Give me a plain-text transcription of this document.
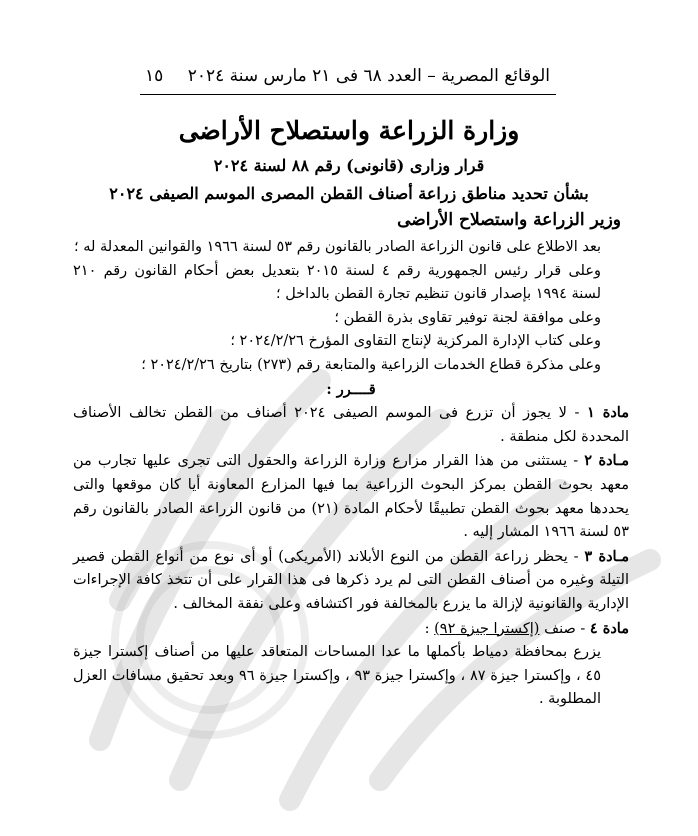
١٥ الوقائع المصرية – العدد ٦٨ فى ٢١ مارس سنة ٢٠٢٤
وزارة الزراعة واستصلاح الأراضى
قرار وزارى (قانونى) رقم ٨٨ لسنة ٢٠٢٤
بشأن تحديد مناطق زراعة أصناف القطن المصرى الموسم الصيفى ٢٠٢٤
وزير الزراعة واستصلاح الأراضى

بعد الاطلاع على قانون الزراعة الصادر بالقانون رقم ٥٣ لسنة ١٩٦٦ والقوانين المعدلة له ؛

وعلى قرار رئيس الجمهورية رقم ٤ لسنة ٢٠١٥ بتعديل بعض أحكام القانون رقم ٢١٠ لسنة ١٩٩٤ بإصدار قانون تنظيم تجارة القطن بالداخل ؛

وعلى موافقة لجنة توفير تقاوى بذرة القطن ؛

وعلى كتاب الإدارة المركزية لإنتاج التقاوى المؤرخ ٢٠٢٤/٢/٢٦ ؛

وعلى مذكرة قطاع الخدمات الزراعية والمتابعة رقم (٢٧٣) بتاريخ ٢٠٢٤/٢/٢٦ ؛

قــــرر :

مادة ١ - لا يجوز أن تزرع فى الموسم الصيفى ٢٠٢٤ أصناف من القطن تخالف الأصناف المحددة لكل منطقة .

مـادة ٢ - يستثنى من هذا القرار مزارع وزارة الزراعة والحقول التى تجرى عليها تجارب من معهد بحوث القطن بمركز البحوث الزراعية بما فيها المزارع المعاونة أيا كان موقعها والتى يحددها معهد بحوث القطن تطبيقًا لأحكام المادة (٢١) من قانون الزراعة الصادر بالقانون رقم ٥٣ لسنة ١٩٦٦ المشار إليه .

مـادة ٣ - يحظر زراعة القطن من النوع الأبلاند (الأمريكى) أو أى نوع من أنواع القطن قصير التيلة وغيره من أصناف القطن التى لم يرد ذكرها فى هذا القرار على أن تتخذ كافة الإجراءات الإدارية والقانونية لإزالة ما يزرع بالمخالفة فور اكتشافه وعلى نفقة المخالف .

مادة ٤ - صنف (إكسترا جيزة ٩٢) :

يزرع بمحافظة دمياط بأكملها ما عدا المساحات المتعاقد عليها من أصناف إكسترا جيزة ٤٥ ، وإكسترا جيزة ٨٧ ، وإكسترا جيزة ٩٣ ، وإكسترا جيزة ٩٦ وبعد تحقيق مسافات العزل المطلوبة .
